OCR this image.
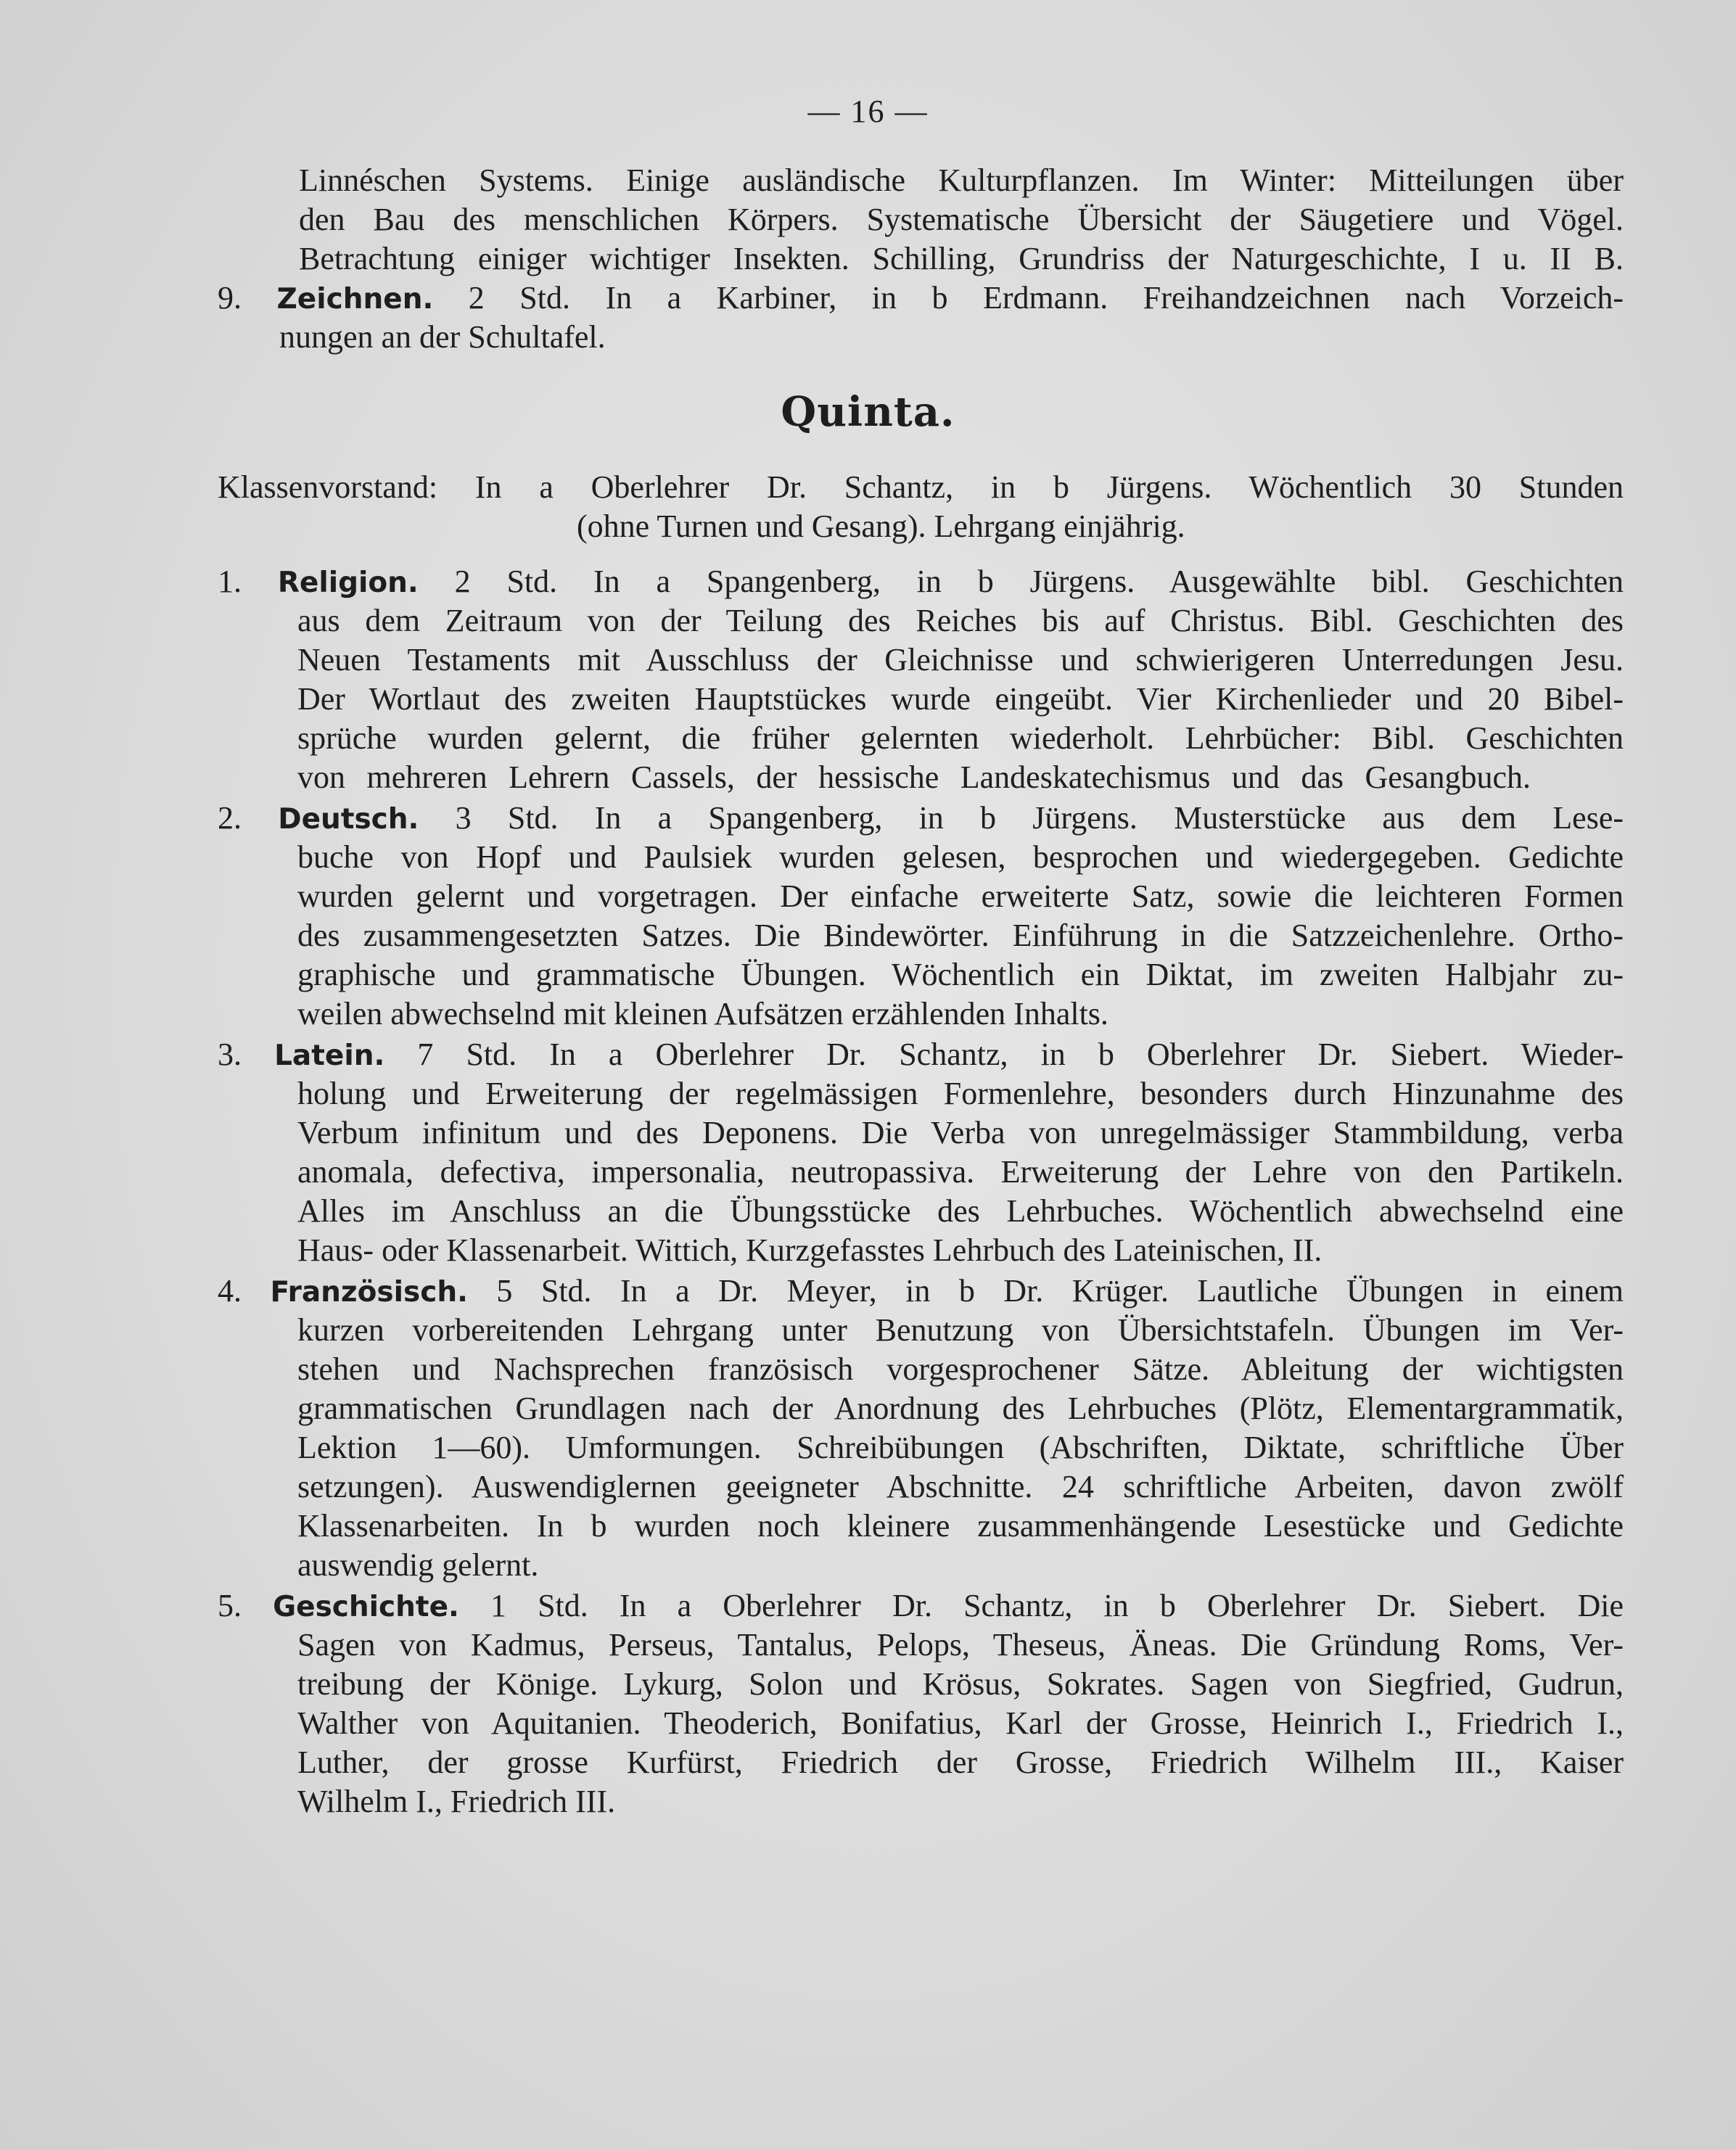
— 16 —
Linnéschen Systems. Einige ausländische Kulturpflanzen. Im Winter: Mitteilungen über
den Bau des menschlichen Körpers. Systematische Übersicht der Säugetiere und Vögel.
Betrachtung einiger wichtiger Insekten. Schilling, Grundriss der Naturgeschichte, I u. II B.
9. Zeichnen. 2 Std. In a Karbiner, in b Erdmann. Freihandzeichnen nach Vorzeich-
nungen an der Schultafel.
Quinta.
Klassenvorstand: In a Oberlehrer Dr. Schantz, in b Jürgens. Wöchentlich 30 Stunden
(ohne Turnen und Gesang). Lehrgang einjährig.
1. Religion. 2 Std. In a Spangenberg, in b Jürgens. Ausgewählte bibl. Geschichten
aus dem Zeitraum von der Teilung des Reiches bis auf Christus. Bibl. Geschichten des
Neuen Testaments mit Ausschluss der Gleichnisse und schwierigeren Unterredungen Jesu.
Der Wortlaut des zweiten Hauptstückes wurde eingeübt. Vier Kirchenlieder und 20 Bibel-
sprüche wurden gelernt, die früher gelernten wiederholt. Lehrbücher: Bibl. Geschichten
von mehreren Lehrern Cassels, der hessische Landeskatechismus und das Gesangbuch.
2. Deutsch. 3 Std. In a Spangenberg, in b Jürgens. Musterstücke aus dem Lese-
buche von Hopf und Paulsiek wurden gelesen, besprochen und wiedergegeben. Gedichte
wurden gelernt und vorgetragen. Der einfache erweiterte Satz, sowie die leichteren Formen
des zusammengesetzten Satzes. Die Bindewörter. Einführung in die Satzzeichenlehre. Ortho-
graphische und grammatische Übungen. Wöchentlich ein Diktat, im zweiten Halbjahr zu-
weilen abwechselnd mit kleinen Aufsätzen erzählenden Inhalts.
3. Latein. 7 Std. In a Oberlehrer Dr. Schantz, in b Oberlehrer Dr. Siebert. Wieder-
holung und Erweiterung der regelmässigen Formenlehre, besonders durch Hinzunahme des
Verbum infinitum und des Deponens. Die Verba von unregelmässiger Stammbildung, verba
anomala, defectiva, impersonalia, neutropassiva. Erweiterung der Lehre von den Partikeln.
Alles im Anschluss an die Übungsstücke des Lehrbuches. Wöchentlich abwechselnd eine
Haus- oder Klassenarbeit. Wittich, Kurzgefasstes Lehrbuch des Lateinischen, II.
4. Französisch. 5 Std. In a Dr. Meyer, in b Dr. Krüger. Lautliche Übungen in einem
kurzen vorbereitenden Lehrgang unter Benutzung von Übersichtstafeln. Übungen im Ver-
stehen und Nachsprechen französisch vorgesprochener Sätze. Ableitung der wichtigsten
grammatischen Grundlagen nach der Anordnung des Lehrbuches (Plötz, Elementargrammatik,
Lektion 1—60). Umformungen. Schreibübungen (Abschriften, Diktate, schriftliche Über
setzungen). Auswendiglernen geeigneter Abschnitte. 24 schriftliche Arbeiten, davon zwölf
Klassenarbeiten. In b wurden noch kleinere zusammenhängende Lesestücke und Gedichte
auswendig gelernt.
5. Geschichte. 1 Std. In a Oberlehrer Dr. Schantz, in b Oberlehrer Dr. Siebert. Die
Sagen von Kadmus, Perseus, Tantalus, Pelops, Theseus, Äneas. Die Gründung Roms, Ver-
treibung der Könige. Lykurg, Solon und Krösus, Sokrates. Sagen von Siegfried, Gudrun,
Walther von Aquitanien. Theoderich, Bonifatius, Karl der Grosse, Heinrich I., Friedrich I.,
Luther, der grosse Kurfürst, Friedrich der Grosse, Friedrich Wilhelm III., Kaiser
Wilhelm I., Friedrich III.
